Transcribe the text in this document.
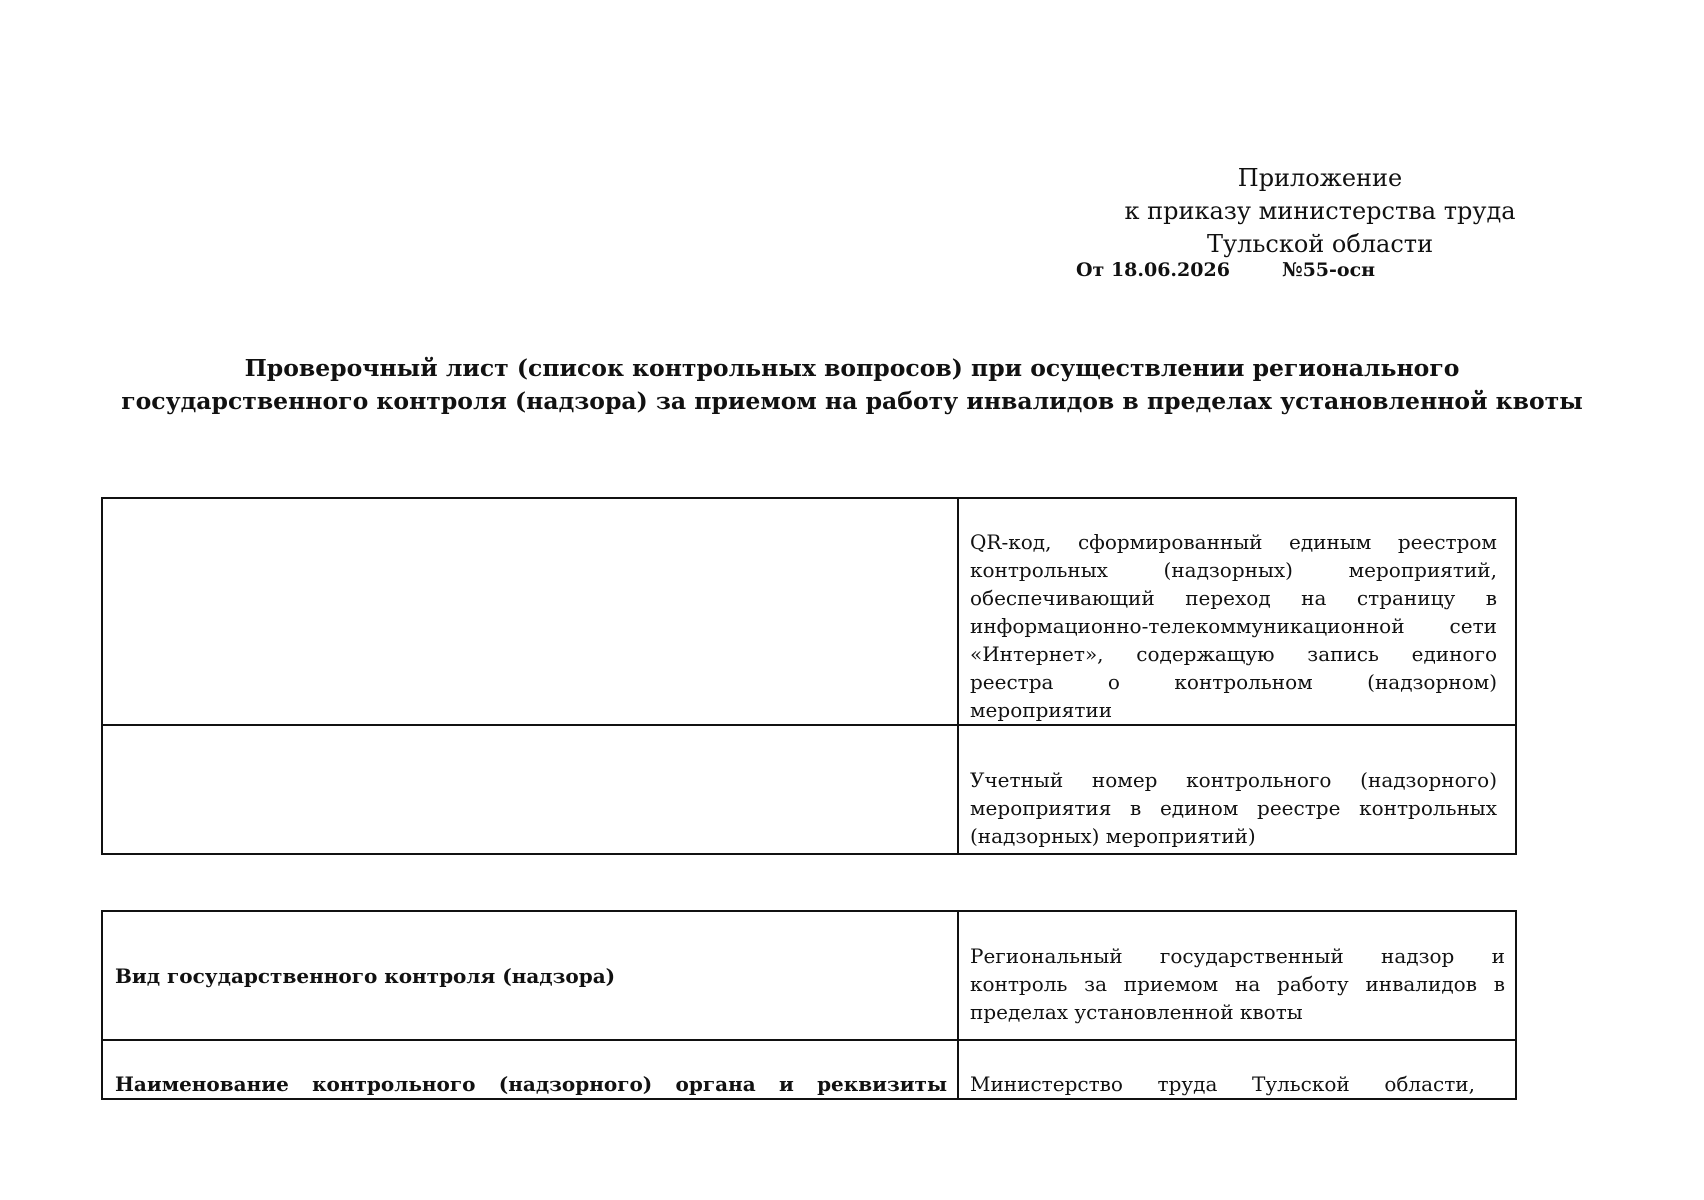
Приложение
к приказу министерства труда
Тульской области
От 18.06.2026	№55-осн
Проверочный лист (список контрольных вопросов) при осуществлении регионального государственного контроля (надзора) за приемом на работу инвалидов в пределах установленной квоты

	QR-код, сформированный единым реестром контрольных (надзорных) мероприятий, обеспечивающий переход на страницу в информационно-телекоммуникационной сети «Интернет», содержащую запись единого реестра о контрольном (надзорном) мероприятии

	Учетный номер контрольного (надзорного) мероприятия в едином реестре контрольных (надзорных) мероприятий)
Вид государственного контроля (надзора)	Региональный государственный надзор и контроль за приемом на работу инвалидов в пределах установленной квоты

Наименование контрольного (надзорного) органа и реквизиты	Министерство труда Тульской области,
